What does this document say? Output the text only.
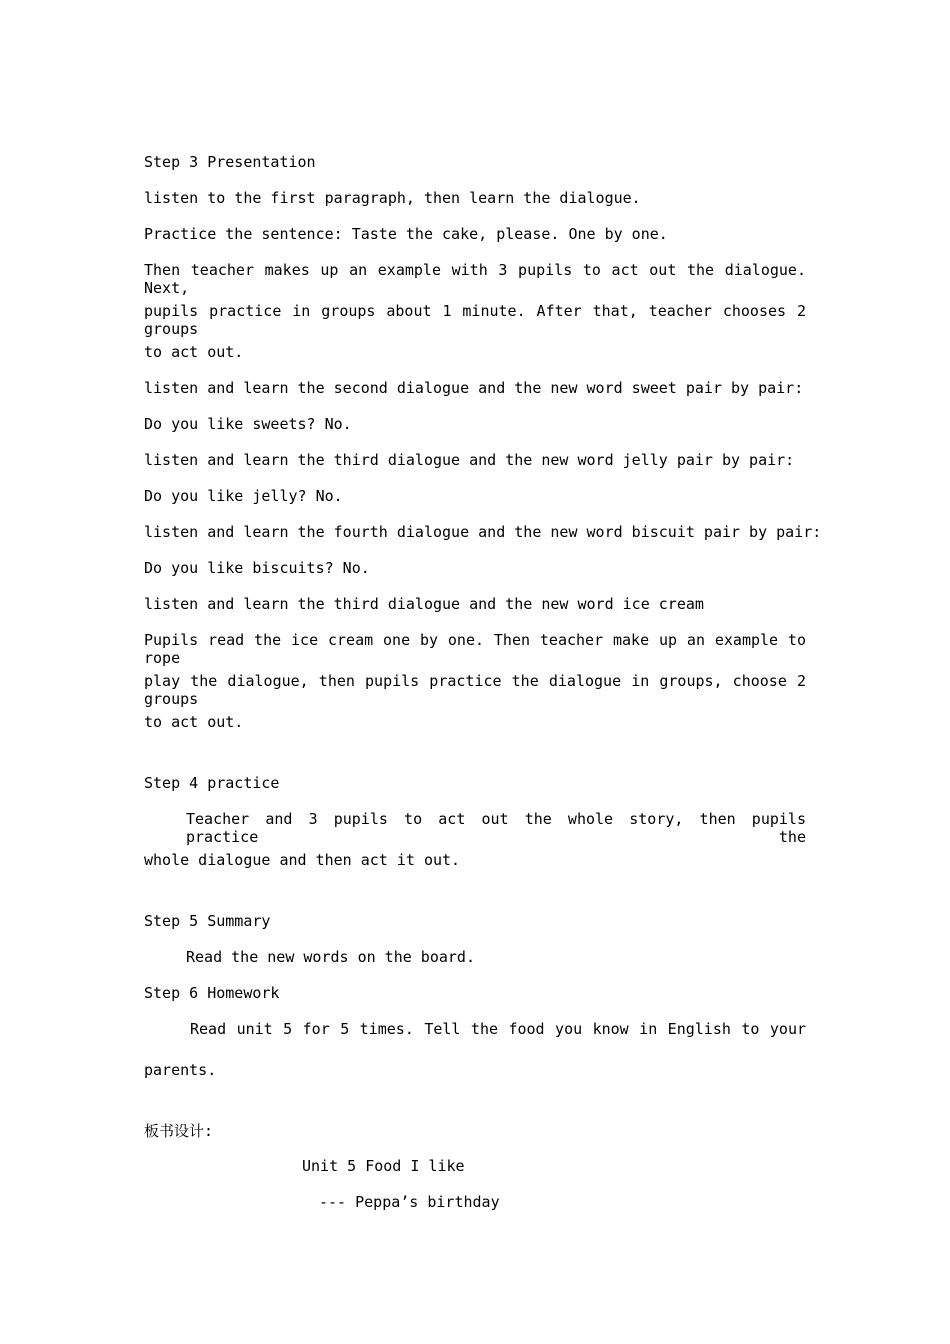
Step 3 Presentation
listen to the first paragraph, then learn the dialogue.
Practice the sentence: Taste the cake, please. One by one.
Then teacher makes up an example with 3 pupils to act out the dialogue. Next,
pupils practice in groups about 1 minute. After that, teacher chooses 2 groups
to act out.
listen and learn the second dialogue and the new word sweet pair by pair:
Do you like sweets? No.
listen and learn the third dialogue and the new word jelly pair by pair:
Do you like jelly? No.
listen and learn the fourth dialogue and the new word biscuit pair by pair:
Do you like biscuits? No.
listen and learn the third dialogue and the new word ice cream
Pupils read the ice cream one by one. Then teacher make up an example to rope
play the dialogue, then pupils practice the dialogue in groups, choose 2 groups
to act out.
Step 4 practice
Teacher and 3 pupils to act out the whole story, then pupils practice the
whole dialogue and then act it out.
Step 5 Summary
Read the new words on the board.
Step 6 Homework
Read unit 5 for 5 times. Tell the food you know in English to your
parents.
板书设计:
Unit 5 Food I like
--- Peppa’s birthday
